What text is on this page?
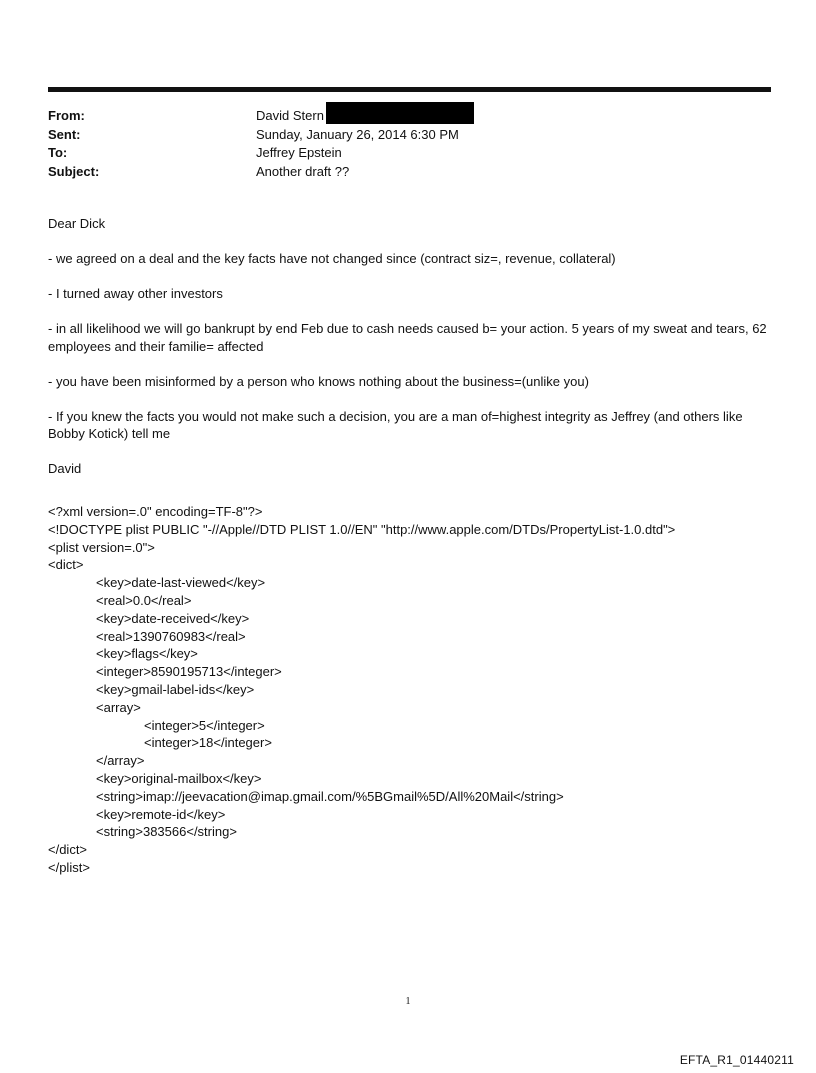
From:	David Stern
Sent:	Sunday, January 26, 2014 6:30 PM
To:	Jeffrey Epstein
Subject:	Another draft ??

Dear Dick

- we agreed on a deal and the key facts have not changed since (contract siz=, revenue, collateral)

- I turned away other investors

- in all likelihood we will go bankrupt by end Feb due to cash needs caused b= your action. 5 years of my sweat and tears, 62 employees and their familie= affected

- you have been misinformed by a person who knows nothing about the business=(unlike you)

- If you knew the facts you would not make such a decision, you are a man of=highest integrity as Jeffrey (and others like Bobby Kotick) tell me

David

<?xml version=.0" encoding=TF-8"?>
<!DOCTYPE plist PUBLIC "-//Apple//DTD PLIST 1.0//EN" "http://www.apple.com/DTDs/PropertyList-1.0.dtd">
<plist version=.0">
<dict>
<key>date-last-viewed</key>
<real>0.0</real>
<key>date-received</key>
<real>1390760983</real>
<key>flags</key>
<integer>8590195713</integer>
<key>gmail-label-ids</key>
<array>
<integer>5</integer>
<integer>18</integer>
</array>
<key>original-mailbox</key>
<string>imap://jeevacation@imap.gmail.com/%5BGmail%5D/All%20Mail</string>
<key>remote-id</key>
<string>383566</string>
</dict>
</plist>
1
EFTA_R1_01440211
